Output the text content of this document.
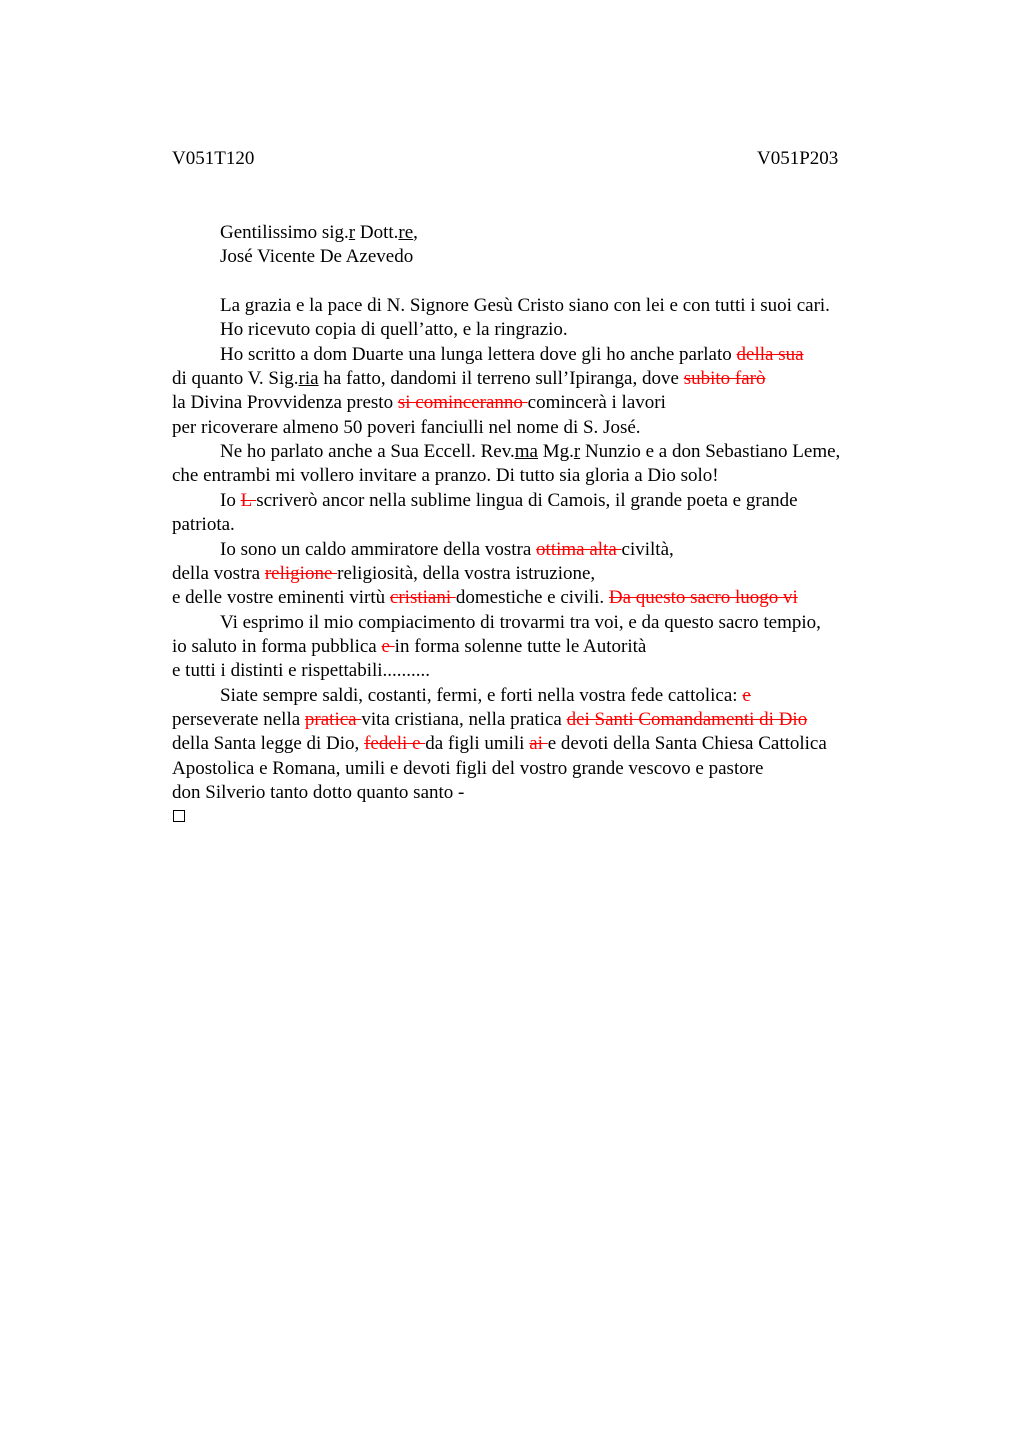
V051T120	V051P203
Gentilissimo sig.r Dott.re,
José Vicente De Azevedo
La grazia e la pace di N. Signore Gesù Cristo siano con lei e con tutti i suoi cari.
Ho ricevuto copia di quell’atto, e la ringrazio.
Ho scritto a dom Duarte una lunga lettera dove gli ho anche parlato della sua
di quanto V. Sig.ria ha fatto, dandomi il terreno sull’Ipiranga, dove subito farò
la Divina Provvidenza presto si cominceranno comincerà i lavori
per ricoverare almeno 50 poveri fanciulli nel nome di S. José.
Ne ho parlato anche a Sua Eccell. Rev.ma Mg.r Nunzio e a don Sebastiano Leme,
che entrambi mi vollero invitare a pranzo. Di tutto sia gloria a Dio solo!
Io L scriverò ancor nella sublime lingua di Camois, il grande poeta e grande
patriota.
Io sono un caldo ammiratore della vostra ottima alta civiltà,
della vostra religione religiosità, della vostra istruzione,
e delle vostre eminenti virtù cristiani domestiche e civili. Da questo sacro luogo vi
Vi esprimo il mio compiacimento di trovarmi tra voi, e da questo sacro tempio,
io saluto in forma pubblica e in forma solenne tutte le Autorità
e tutti i distinti e rispettabili..........
Siate sempre saldi, costanti, fermi, e forti nella vostra fede cattolica: e
perseverate nella pratica vita cristiana, nella pratica dei Santi Comandamenti di Dio
della Santa legge di Dio, fedeli e da figli umili ai e devoti della Santa Chiesa Cattolica
Apostolica e Romana, umili e devoti figli del vostro grande vescovo e pastore
don Silverio tanto dotto quanto santo -
